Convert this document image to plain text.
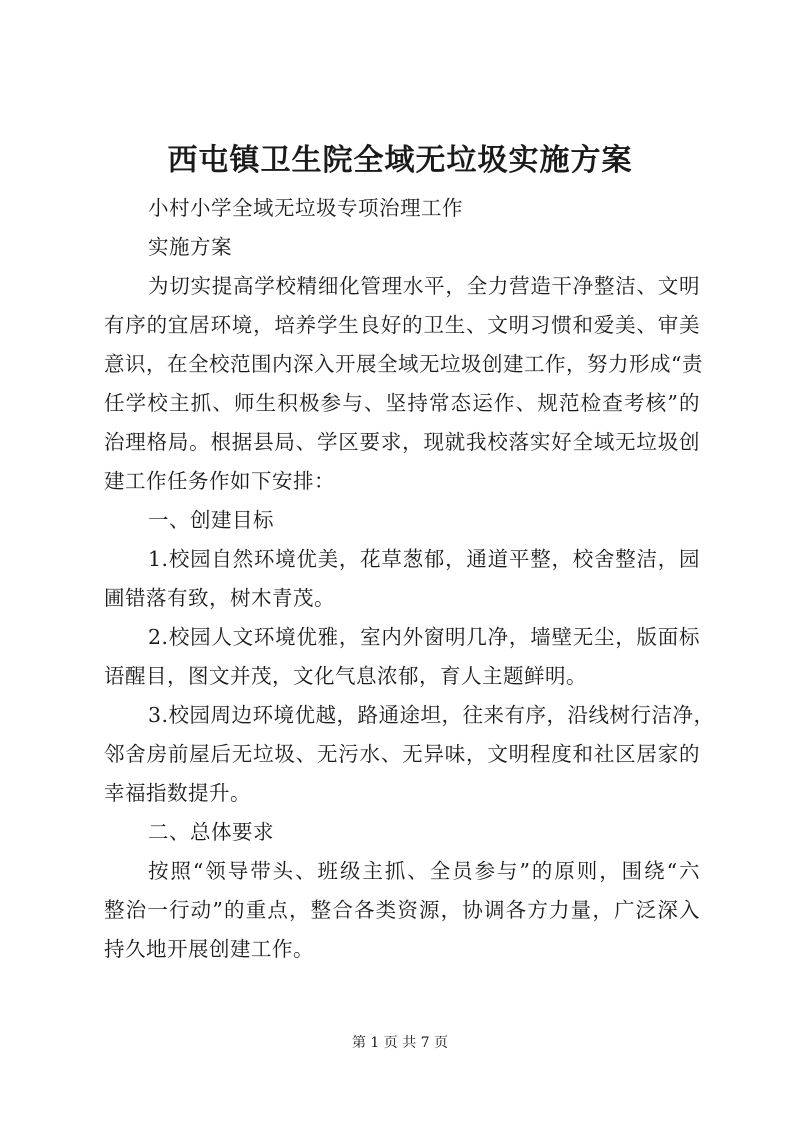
西屯镇卫生院全域无垃圾实施方案

小村小学全域无垃圾专项治理工作

实施方案

为切实提高学校精细化管理水平，全力营造干净整洁、文明

有序的宜居环境，培养学生良好的卫生、文明习惯和爱美、审美

意识，在全校范围内深入开展全域无垃圾创建工作，努力形成“责

任学校主抓、师生积极参与、坚持常态运作、规范检查考核”的

治理格局。根据县局、学区要求，现就我校落实好全域无垃圾创

建工作任务作如下安排：

一、创建目标

1.校园自然环境优美，花草葱郁，通道平整，校舍整洁，园

圃错落有致，树木青茂。

2.校园人文环境优雅，室内外窗明几净，墙壁无尘，版面标

语醒目，图文并茂，文化气息浓郁，育人主题鲜明。

3.校园周边环境优越，路通途坦，往来有序，沿线树行洁净，

邻舍房前屋后无垃圾、无污水、无异味，文明程度和社区居家的

幸福指数提升。

二、总体要求

按照“领导带头、班级主抓、全员参与”的原则，围绕“六

整治一行动”的重点，整合各类资源，协调各方力量，广泛深入

持久地开展创建工作。

第 1 页 共 7 页
